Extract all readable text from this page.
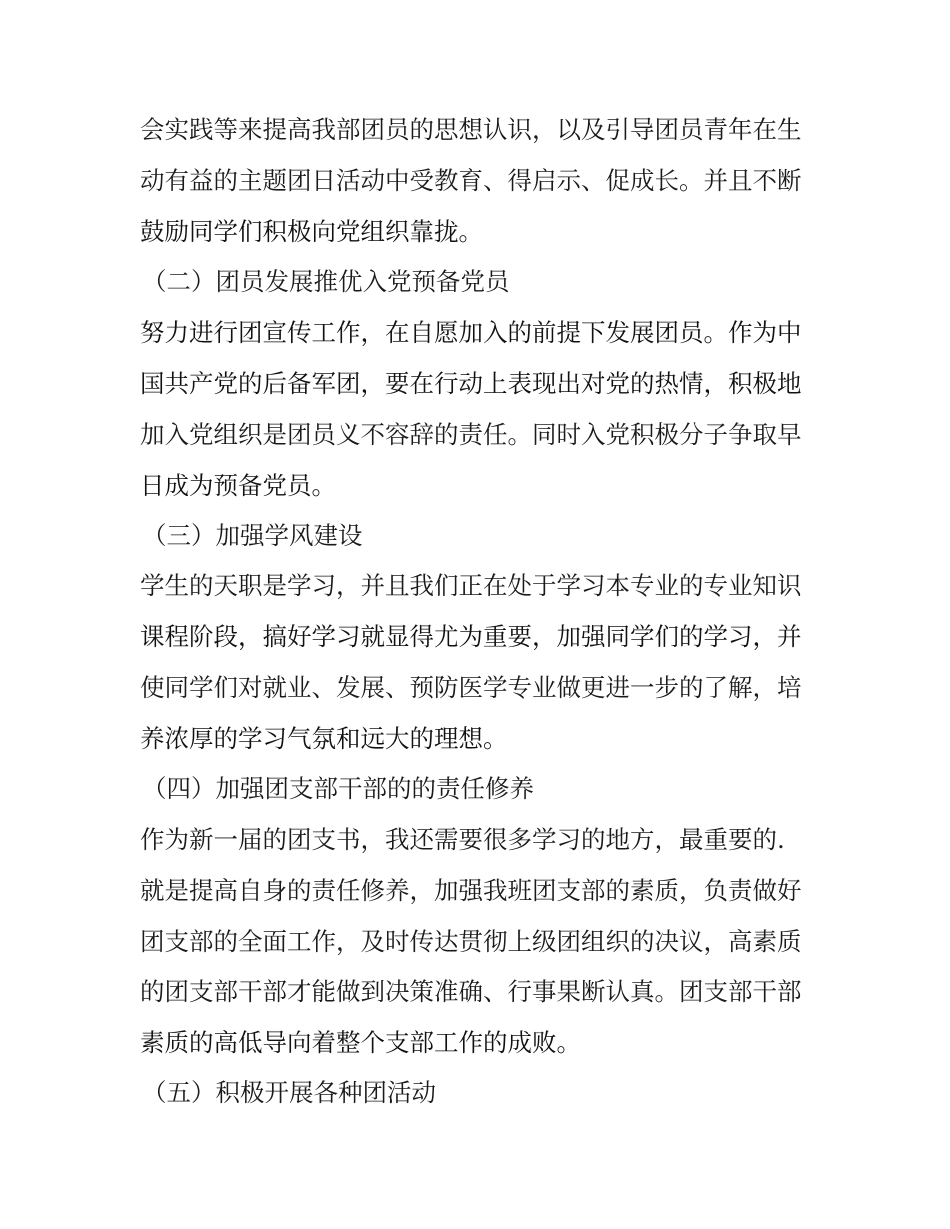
会实践等来提高我部团员的思想认识，以及引导团员青年在生
动有益的主题团日活动中受教育、得启示、促成长。并且不断
鼓励同学们积极向党组织靠拢。
（二）团员发展推优入党预备党员
努力进行团宣传工作，在自愿加入的前提下发展团员。作为中
国共产党的后备军团，要在行动上表现出对党的热情，积极地
加入党组织是团员义不容辞的责任。同时入党积极分子争取早
日成为预备党员。
（三）加强学风建设
学生的天职是学习，并且我们正在处于学习本专业的专业知识
课程阶段，搞好学习就显得尤为重要，加强同学们的学习，并
使同学们对就业、发展、预防医学专业做更进一步的了解，培
养浓厚的学习气氛和远大的理想。
（四）加强团支部干部的的责任修养
作为新一届的团支书，我还需要很多学习的地方，最重要的.
就是提高自身的责任修养，加强我班团支部的素质，负责做好
团支部的全面工作，及时传达贯彻上级团组织的决议，高素质
的团支部干部才能做到决策准确、行事果断认真。团支部干部
素质的高低导向着整个支部工作的成败。
（五）积极开展各种团活动
